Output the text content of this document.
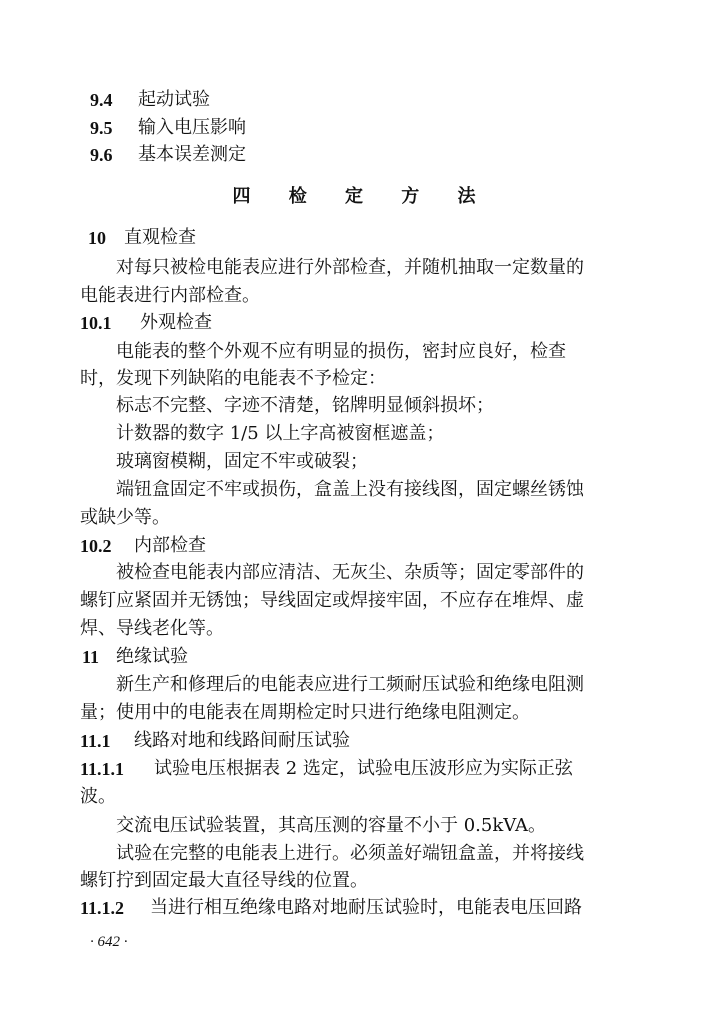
9.4 起动试验
9.5 输入电压影响
9.6 基本误差测定
四 检 定 方 法
10 直观检查
对每只被检电能表应进行外部检查，并随机抽取一定数量的
电能表进行内部检查。
10.1 外观检查
电能表的整个外观不应有明显的损伤，密封应良好，检查
时，发现下列缺陷的电能表不予检定：
标志不完整、字迹不清楚，铭牌明显倾斜损坏；
计数器的数字 1/5 以上字高被窗框遮盖；
玻璃窗模糊，固定不牢或破裂；
端钮盒固定不牢或损伤，盒盖上没有接线图，固定螺丝锈蚀
或缺少等。
10.2 内部检查
被检查电能表内部应清洁、无灰尘、杂质等；固定零部件的
螺钉应紧固并无锈蚀；导线固定或焊接牢固，不应存在堆焊、虚
焊、导线老化等。
11 绝缘试验
新生产和修理后的电能表应进行工频耐压试验和绝缘电阻测
量；使用中的电能表在周期检定时只进行绝缘电阻测定。
11.1 线路对地和线路间耐压试验
11.1.1 试验电压根据表 2 选定，试验电压波形应为实际正弦
波。
交流电压试验装置，其高压测的容量不小于 0.5kVA。
试验在完整的电能表上进行。必须盖好端钮盒盖，并将接线
螺钉拧到固定最大直径导线的位置。
11.1.2 当进行相互绝缘电路对地耐压试验时，电能表电压回路
· 642 ·
